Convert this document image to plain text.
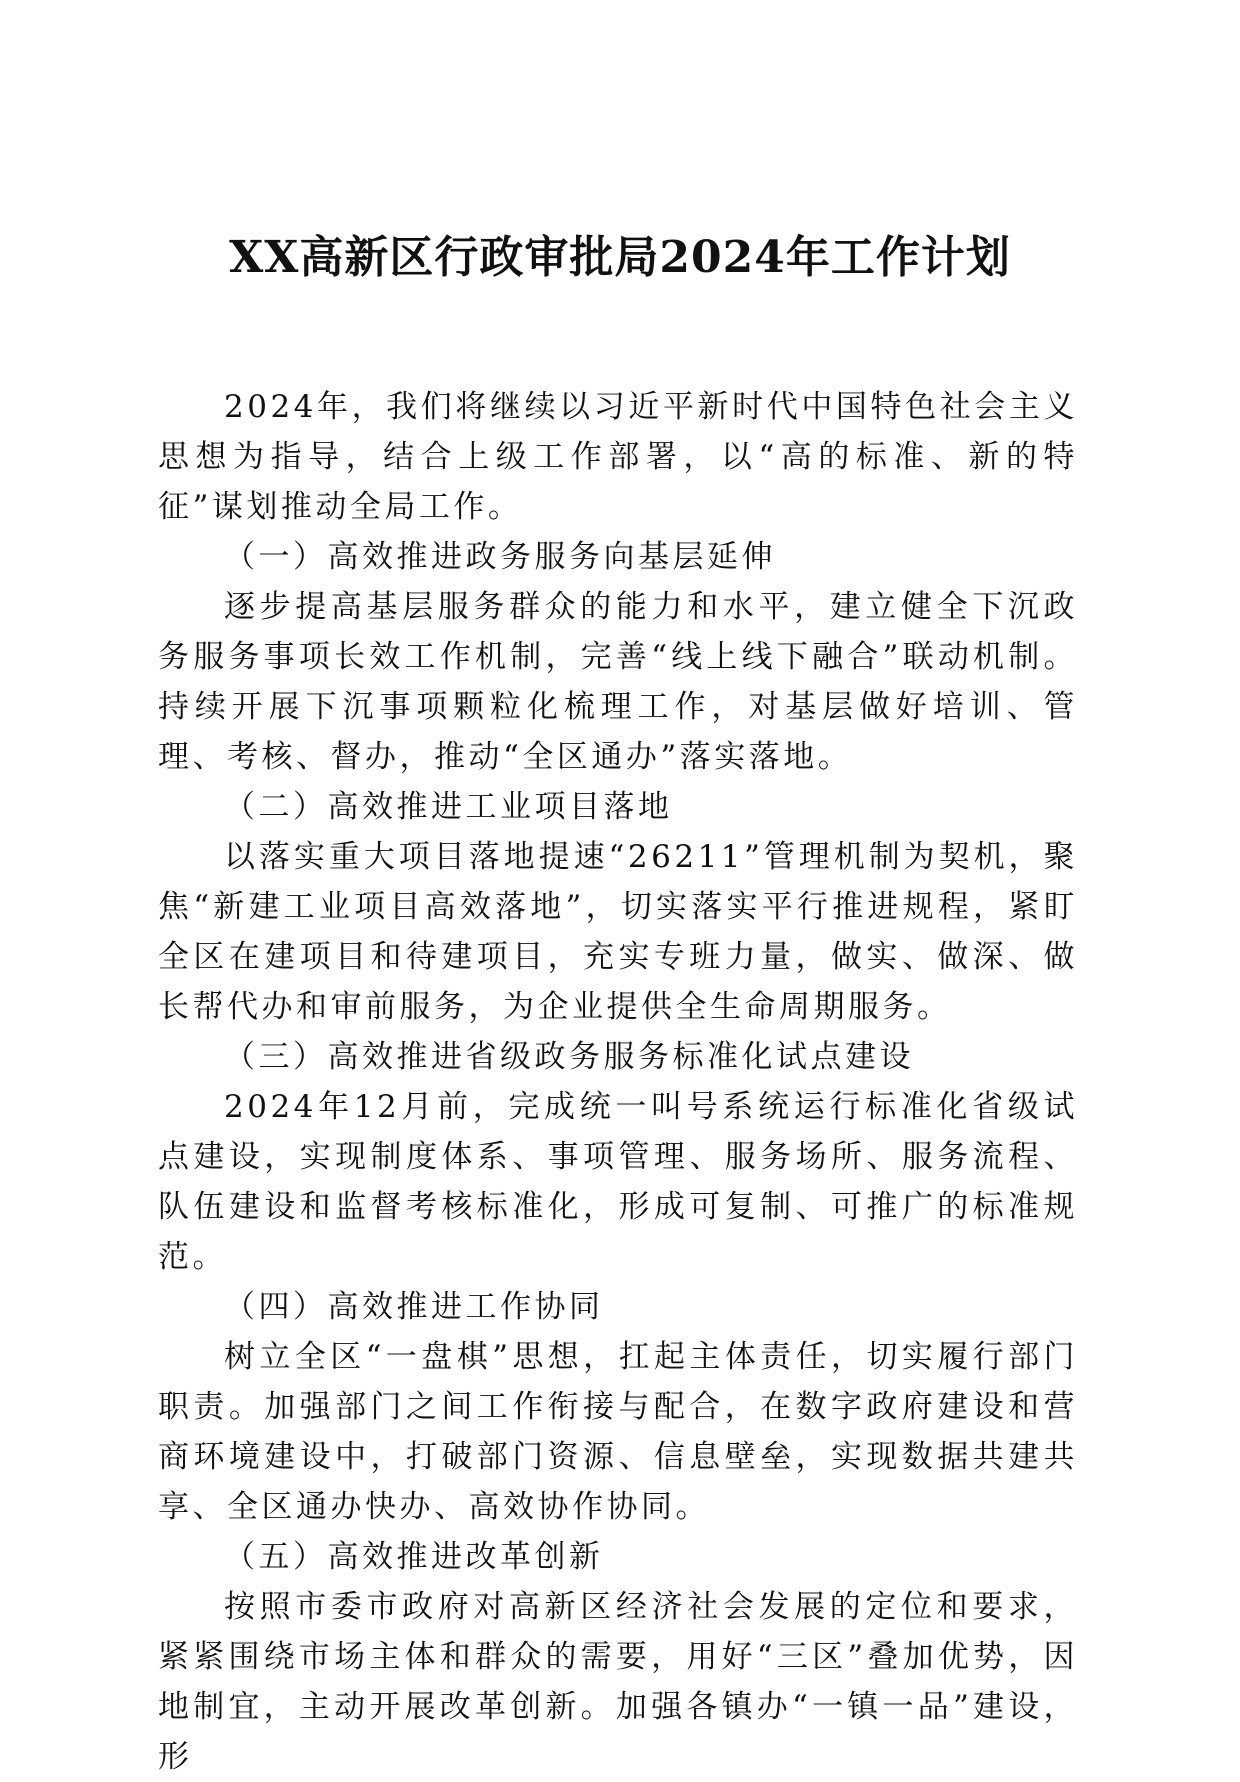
XX高新区行政审批局2024年工作计划

2024年，我们将继续以习近平新时代中国特色社会主义思想为指导，结合上级工作部署，以“高的标准、新的特征”谋划推动全局工作。

（一）高效推进政务服务向基层延伸

逐步提高基层服务群众的能力和水平，建立健全下沉政务服务事项长效工作机制，完善“线上线下融合”联动机制。持续开展下沉事项颗粒化梳理工作，对基层做好培训、管理、考核、督办，推动“全区通办”落实落地。

（二）高效推进工业项目落地

以落实重大项目落地提速“26211”管理机制为契机，聚焦“新建工业项目高效落地”，切实落实平行推进规程，紧盯全区在建项目和待建项目，充实专班力量，做实、做深、做长帮代办和审前服务，为企业提供全生命周期服务。

（三）高效推进省级政务服务标准化试点建设

2024年12月前，完成统一叫号系统运行标准化省级试点建设，实现制度体系、事项管理、服务场所、服务流程、队伍建设和监督考核标准化，形成可复制、可推广的标准规范。

（四）高效推进工作协同

树立全区“一盘棋”思想，扛起主体责任，切实履行部门职责。加强部门之间工作衔接与配合，在数字政府建设和营商环境建设中，打破部门资源、信息壁垒，实现数据共建共享、全区通办快办、高效协作协同。

（五）高效推进改革创新

按照市委市政府对高新区经济社会发展的定位和要求，紧紧围绕市场主体和群众的需要，用好“三区”叠加优势，因地制宜，主动开展改革创新。加强各镇办“一镇一品”建设，形
